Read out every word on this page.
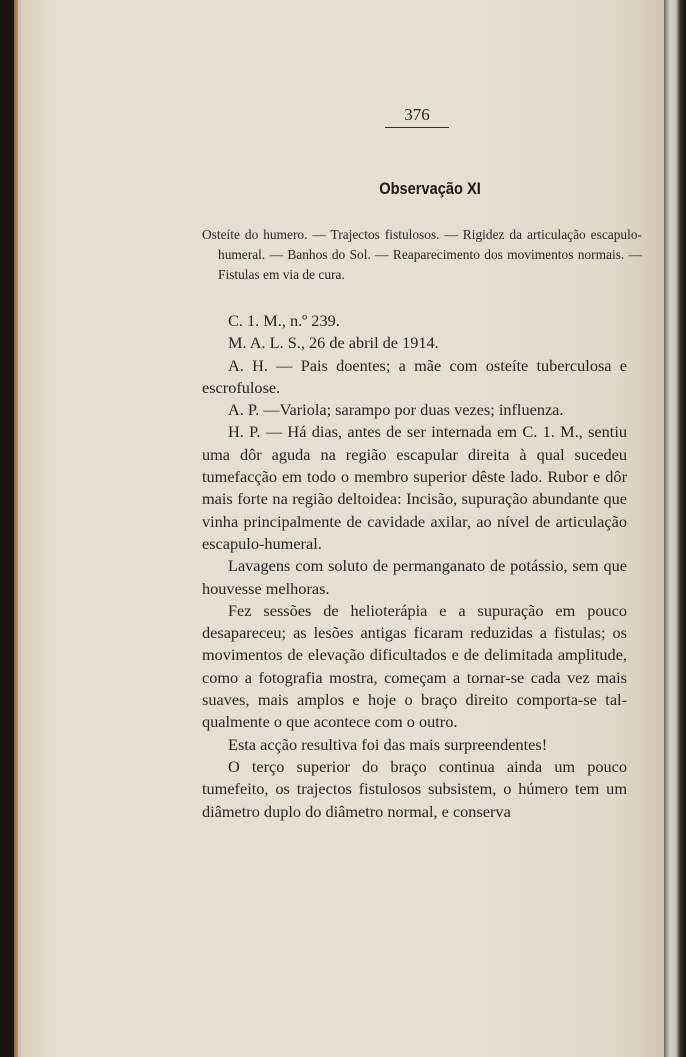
376
Observação XI

Osteíte do humero. — Trajectos fistulosos. — Rigidez da articulação escapulo-humeral. — Banhos do Sol. — Reaparecimento dos movimentos normais. — Fistulas em via de cura.

C. 1. M., n.º 239.

M. A. L. S., 26 de abril de 1914.

A. H. — Pais doentes; a mãe com osteíte tuberculosa e escrofulose.

A. P. —Variola; sarampo por duas vezes; influenza.

H. P. — Há dias, antes de ser internada em C. 1. M., sentiu uma dôr aguda na região escapular direita à qual sucedeu tumefacção em todo o membro superior dêste lado. Rubor e dôr mais forte na região deltoidea: Incisão, supuração abundante que vinha principalmente de cavidade axilar, ao nível de articulação escapulo-humeral.

Lavagens com soluto de permanganato de potássio, sem que houvesse melhoras.

Fez sessões de helioterápia e a supuração em pouco desapareceu; as lesões antigas ficaram reduzidas a fistulas; os movimentos de elevação dificultados e de delimitada amplitude, como a fotografia mostra, começam a tornar-se cada vez mais suaves, mais amplos e hoje o braço direito comporta-se tal-qualmente o que acontece com o outro.

Esta acção resultiva foi das mais surpreendentes!

O terço superior do braço continua ainda um pouco tumefeito, os trajectos fistulosos subsistem, o húmero tem um diâmetro duplo do diâmetro normal, e conserva
